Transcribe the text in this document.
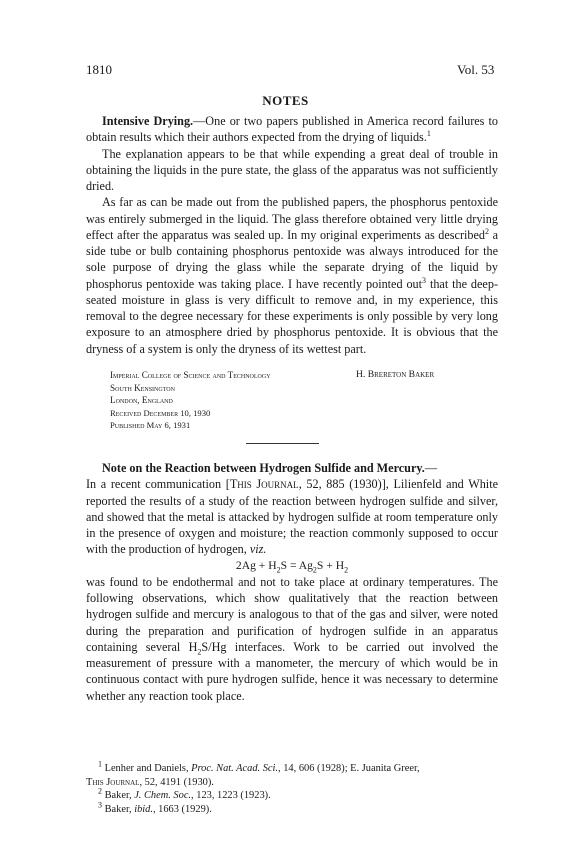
1810	Vol. 53
NOTES

Intensive Drying.—One or two papers published in America record failures to obtain results which their authors expected from the drying of liquids.$^1$

The explanation appears to be that while expending a great deal of trouble in obtaining the liquids in the pure state, the glass of the apparatus was not sufficiently dried.

As far as can be made out from the published papers, the phosphorus pentoxide was entirely submerged in the liquid. The glass therefore obtained very little drying effect after the apparatus was sealed up. In my original experiments as described$^2$ a side tube or bulb containing phosphorus pentoxide was always introduced for the sole purpose of drying the glass while the separate drying of the liquid by phosphorus pentoxide was taking place. I have recently pointed out$^3$ that the deep-seated moisture in glass is very difficult to remove and, in my experience, this removal to the degree necessary for these experiments is only possible by very long exposure to an atmosphere dried by phosphorus pentoxide. It is obvious that the dryness of a system is only the dryness of its wettest part.

Imperial College of Science and Technology
South Kensington
London, England
Received December 10, 1930
Published May 6, 1931
H. Brereton Baker

Note on the Reaction between Hydrogen Sulfide and Mercury.—

In a recent communication [This Journal, 52, 885 (1930)], Lilienfeld and White reported the results of a study of the reaction between hydrogen sulfide and silver, and showed that the metal is attacked by hydrogen sulfide at room temperature only in the presence of oxygen and moisture; the reaction commonly supposed to occur with the production of hydrogen, viz.

$2Ag + H_2S = Ag_2S + H_2$

was found to be endothermal and not to take place at ordinary temperatures. The following observations, which show qualitatively that the reaction between hydrogen sulfide and mercury is analogous to that of the gas and silver, were noted during the preparation and purification of hydrogen sulfide in an apparatus containing several $H_2S/Hg$ interfaces. Work to be carried out involved the measurement of pressure with a manometer, the mercury of which would be in continuous contact with pure hydrogen sulfide, hence it was necessary to determine whether any reaction took place.

$^1$ Lenher and Daniels, Proc. Nat. Acad. Sci., 14, 606 (1928); E. Juanita Greer,
This Journal, 52, 4191 (1930).
$^2$ Baker, J. Chem. Soc., 123, 1223 (1923).
$^3$ Baker, ibid., 1663 (1929).
